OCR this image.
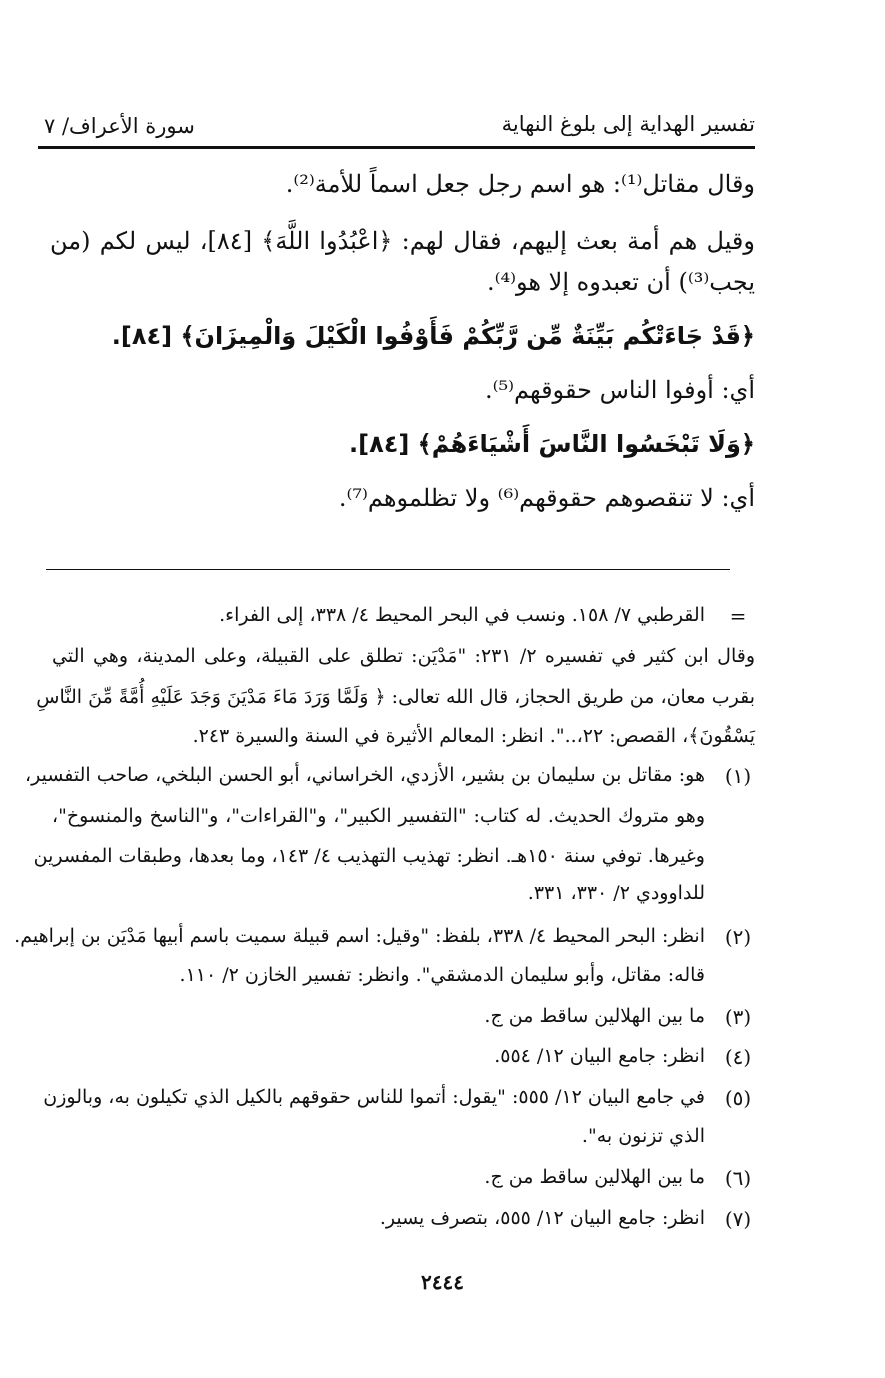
تفسير الهداية إلى بلوغ النهاية
سورة الأعراف/ ٧
وقال مقاتل⁽¹⁾: هو اسم رجل جعل اسماً للأمة⁽²⁾.
وقيل هم أمة بعث إليهم، فقال لهم: ﴿اعْبُدُوا اللَّهَ﴾ [٨٤]، ليس لكم (من
يجب⁽³⁾) أن تعبدوه إلا هو⁽⁴⁾.
﴿قَدْ جَاءَتْكُم بَيِّنَةٌ مِّن رَّبِّكُمْ فَأَوْفُوا الْكَيْلَ وَالْمِيزَانَ﴾ [٨٤].
أي: أوفوا الناس حقوقهم⁽⁵⁾.
﴿وَلَا تَبْخَسُوا النَّاسَ أَشْيَاءَهُمْ﴾ [٨٤].
أي: لا تنقصوهم حقوقهم⁽⁶⁾ ولا تظلموهم⁽⁷⁾.
=
القرطبي ٧/ ١٥٨. ونسب في البحر المحيط ٤/ ٣٣٨، إلى الفراء.
وقال ابن كثير في تفسيره ٢/ ٢٣١: "مَدْيَن: تطلق على القبيلة، وعلى المدينة، وهي التي
بقرب معان، من طريق الحجاز، قال الله تعالى: ﴿ وَلَمَّا وَرَدَ مَاءَ مَدْيَنَ وَجَدَ عَلَيْهِ أُمَّةً مِّنَ النَّاسِ
يَسْقُونَ﴾، القصص: ٢٢،..". انظر: المعالم الأثيرة في السنة والسيرة ٢٤٣.
(١)
هو: مقاتل بن سليمان بن بشير، الأزدي، الخراساني، أبو الحسن البلخي، صاحب التفسير،
وهو متروك الحديث. له كتاب: "التفسير الكبير"، و"القراءات"، و"الناسخ والمنسوخ"،
وغيرها. توفي سنة ١٥٠هـ. انظر: تهذيب التهذيب ٤/ ١٤٣، وما بعدها، وطبقات المفسرين
للداوودي ٢/ ٣٣٠، ٣٣١.
(٢)
انظر: البحر المحيط ٤/ ٣٣٨، بلفظ: "وقيل: اسم قبيلة سميت باسم أبيها مَدْيَن بن إبراهيم.
قاله: مقاتل، وأبو سليمان الدمشقي". وانظر: تفسير الخازن ٢/ ١١٠.
(٣)
ما بين الهلالين ساقط من ج.
(٤)
انظر: جامع البيان ١٢/ ٥٥٤.
(٥)
في جامع البيان ١٢/ ٥٥٥: "يقول: أتموا للناس حقوقهم بالكيل الذي تكيلون به، وبالوزن
الذي تزنون به".
(٦)
ما بين الهلالين ساقط من ج.
(٧)
انظر: جامع البيان ١٢/ ٥٥٥، بتصرف يسير.
٢٤٤٤
